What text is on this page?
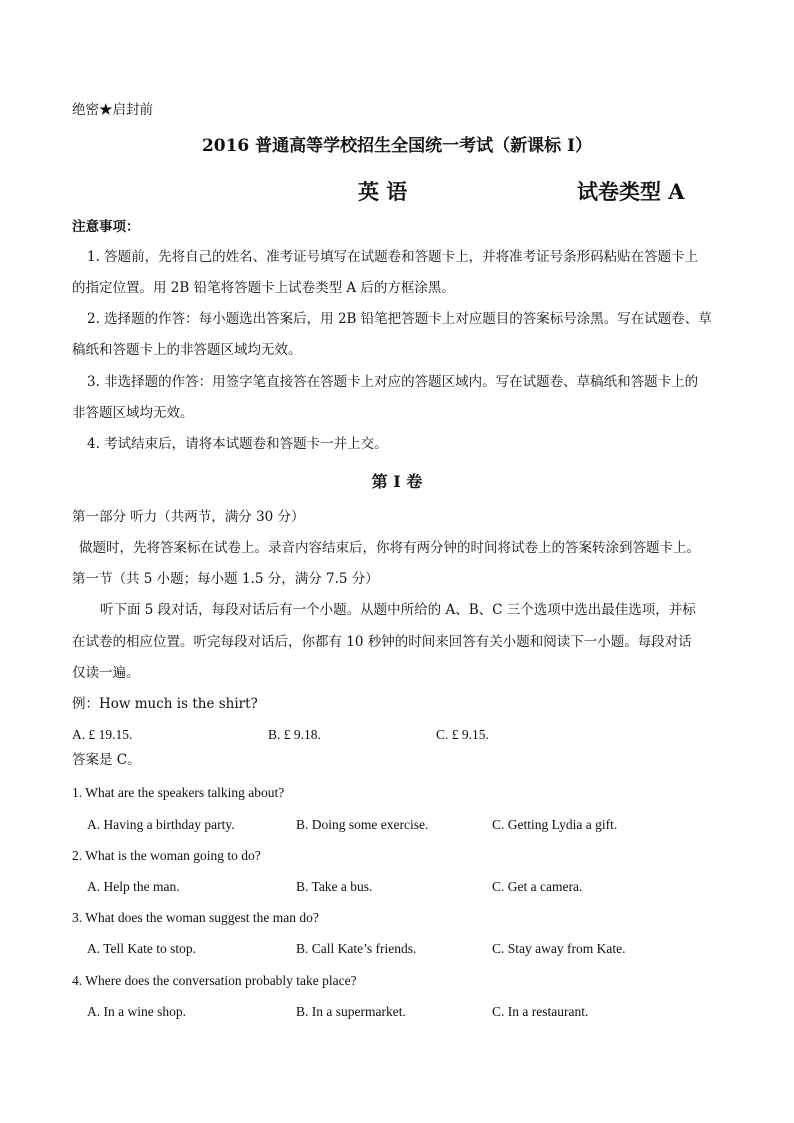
绝密★启封前
2016 普通高等学校招生全国统一考试（新课标 I）
英 语	试卷类型 A
注意事项：
1. 答题前，先将自己的姓名、准考证号填写在试题卷和答题卡上，并将准考证号条形码粘贴在答题卡上
的指定位置。用 2B 铅笔将答题卡上试卷类型 A 后的方框涂黑。
2. 选择题的作答：每小题选出答案后，用 2B 铅笔把答题卡上对应题目的答案标号涂黑。写在试题卷、草
稿纸和答题卡上的非答题区域均无效。
3. 非选择题的作答：用签字笔直接答在答题卡上对应的答题区域内。写在试题卷、草稿纸和答题卡上的
非答题区域均无效。
4. 考试结束后，请将本试题卷和答题卡一并上交。
第 Ⅰ 卷
第一部分 听力（共两节，满分 30 分）
做题时，先将答案标在试卷上。录音内容结束后，你将有两分钟的时间将试卷上的答案转涂到答题卡上。
第一节（共 5 小题；每小题 1.5 分，满分 7.5 分）
听下面 5 段对话，每段对话后有一个小题。从题中所给的 A、B、C 三个选项中选出最佳选项，并标
在试卷的相应位置。听完每段对话后，你都有 10 秒钟的时间来回答有关小题和阅读下一小题。每段对话
仅读一遍。
例：How much is the shirt?
A. £ 19.15.	B. £ 9.18.	C. £ 9.15.
答案是 C。
1. What are the speakers talking about?
A. Having a birthday party.	B. Doing some exercise.	C. Getting Lydia a gift.
2. What is the woman going to do?
A. Help the man.	B. Take a bus.	C. Get a camera.
3. What does the woman suggest the man do?
A. Tell Kate to stop.	B. Call Kate’s friends.	C. Stay away from Kate.
4. Where does the conversation probably take place?
A. In a wine shop.	B. In a supermarket.	C. In a restaurant.
